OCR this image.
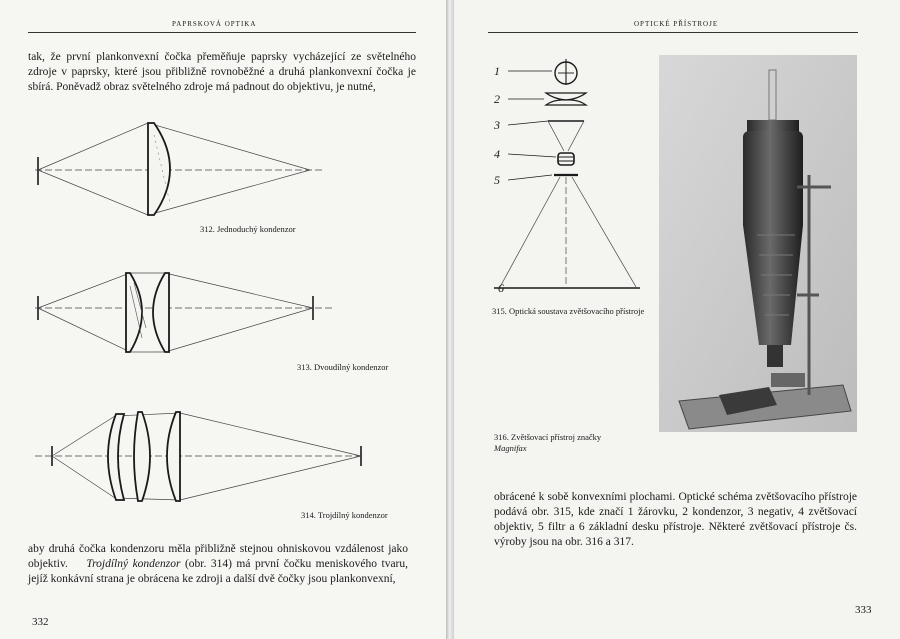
PAPRSKOVÁ OPTIKA

tak, že první plankonvexní čočka přeměňuje paprsky vycházející ze světelného zdroje v paprsky, které jsou přibližně rovnoběžné a druhá plankonvexní čočka je sbírá. Poněvadž obraz světelného zdroje má padnout do objektivu, je nutné,

312. Jednoduchý kondenzor
313. Dvoudílný kondenzor
314. Trojdílný kondenzor

aby druhá čočka kondenzoru měla přibližně stejnou ohniskovou vzdálenost jako objektiv. Trojdílný kondenzor (obr. 314) má první čočku meniskového tvaru, jejíž konkávní strana je obrácena ke zdroji a další dvě čočky jsou plankonvexní,

332
OPTICKÉ PŘÍSTROJE
1
2
3
4
5
6
315. Optická soustava zvětšovacího přístroje
316. Zvětšovací přístroj značky
Magnifax

obrácené k sobě konvexními plochami. Optické schéma zvětšovacího přístroje podává obr. 315, kde značí 1 žárovku, 2 kondenzor, 3 negativ, 4 zvětšovací objektiv, 5 filtr a 6 základní desku přístroje. Některé zvětšovací přístroje čs. výroby jsou na obr. 316 a 317.

333
